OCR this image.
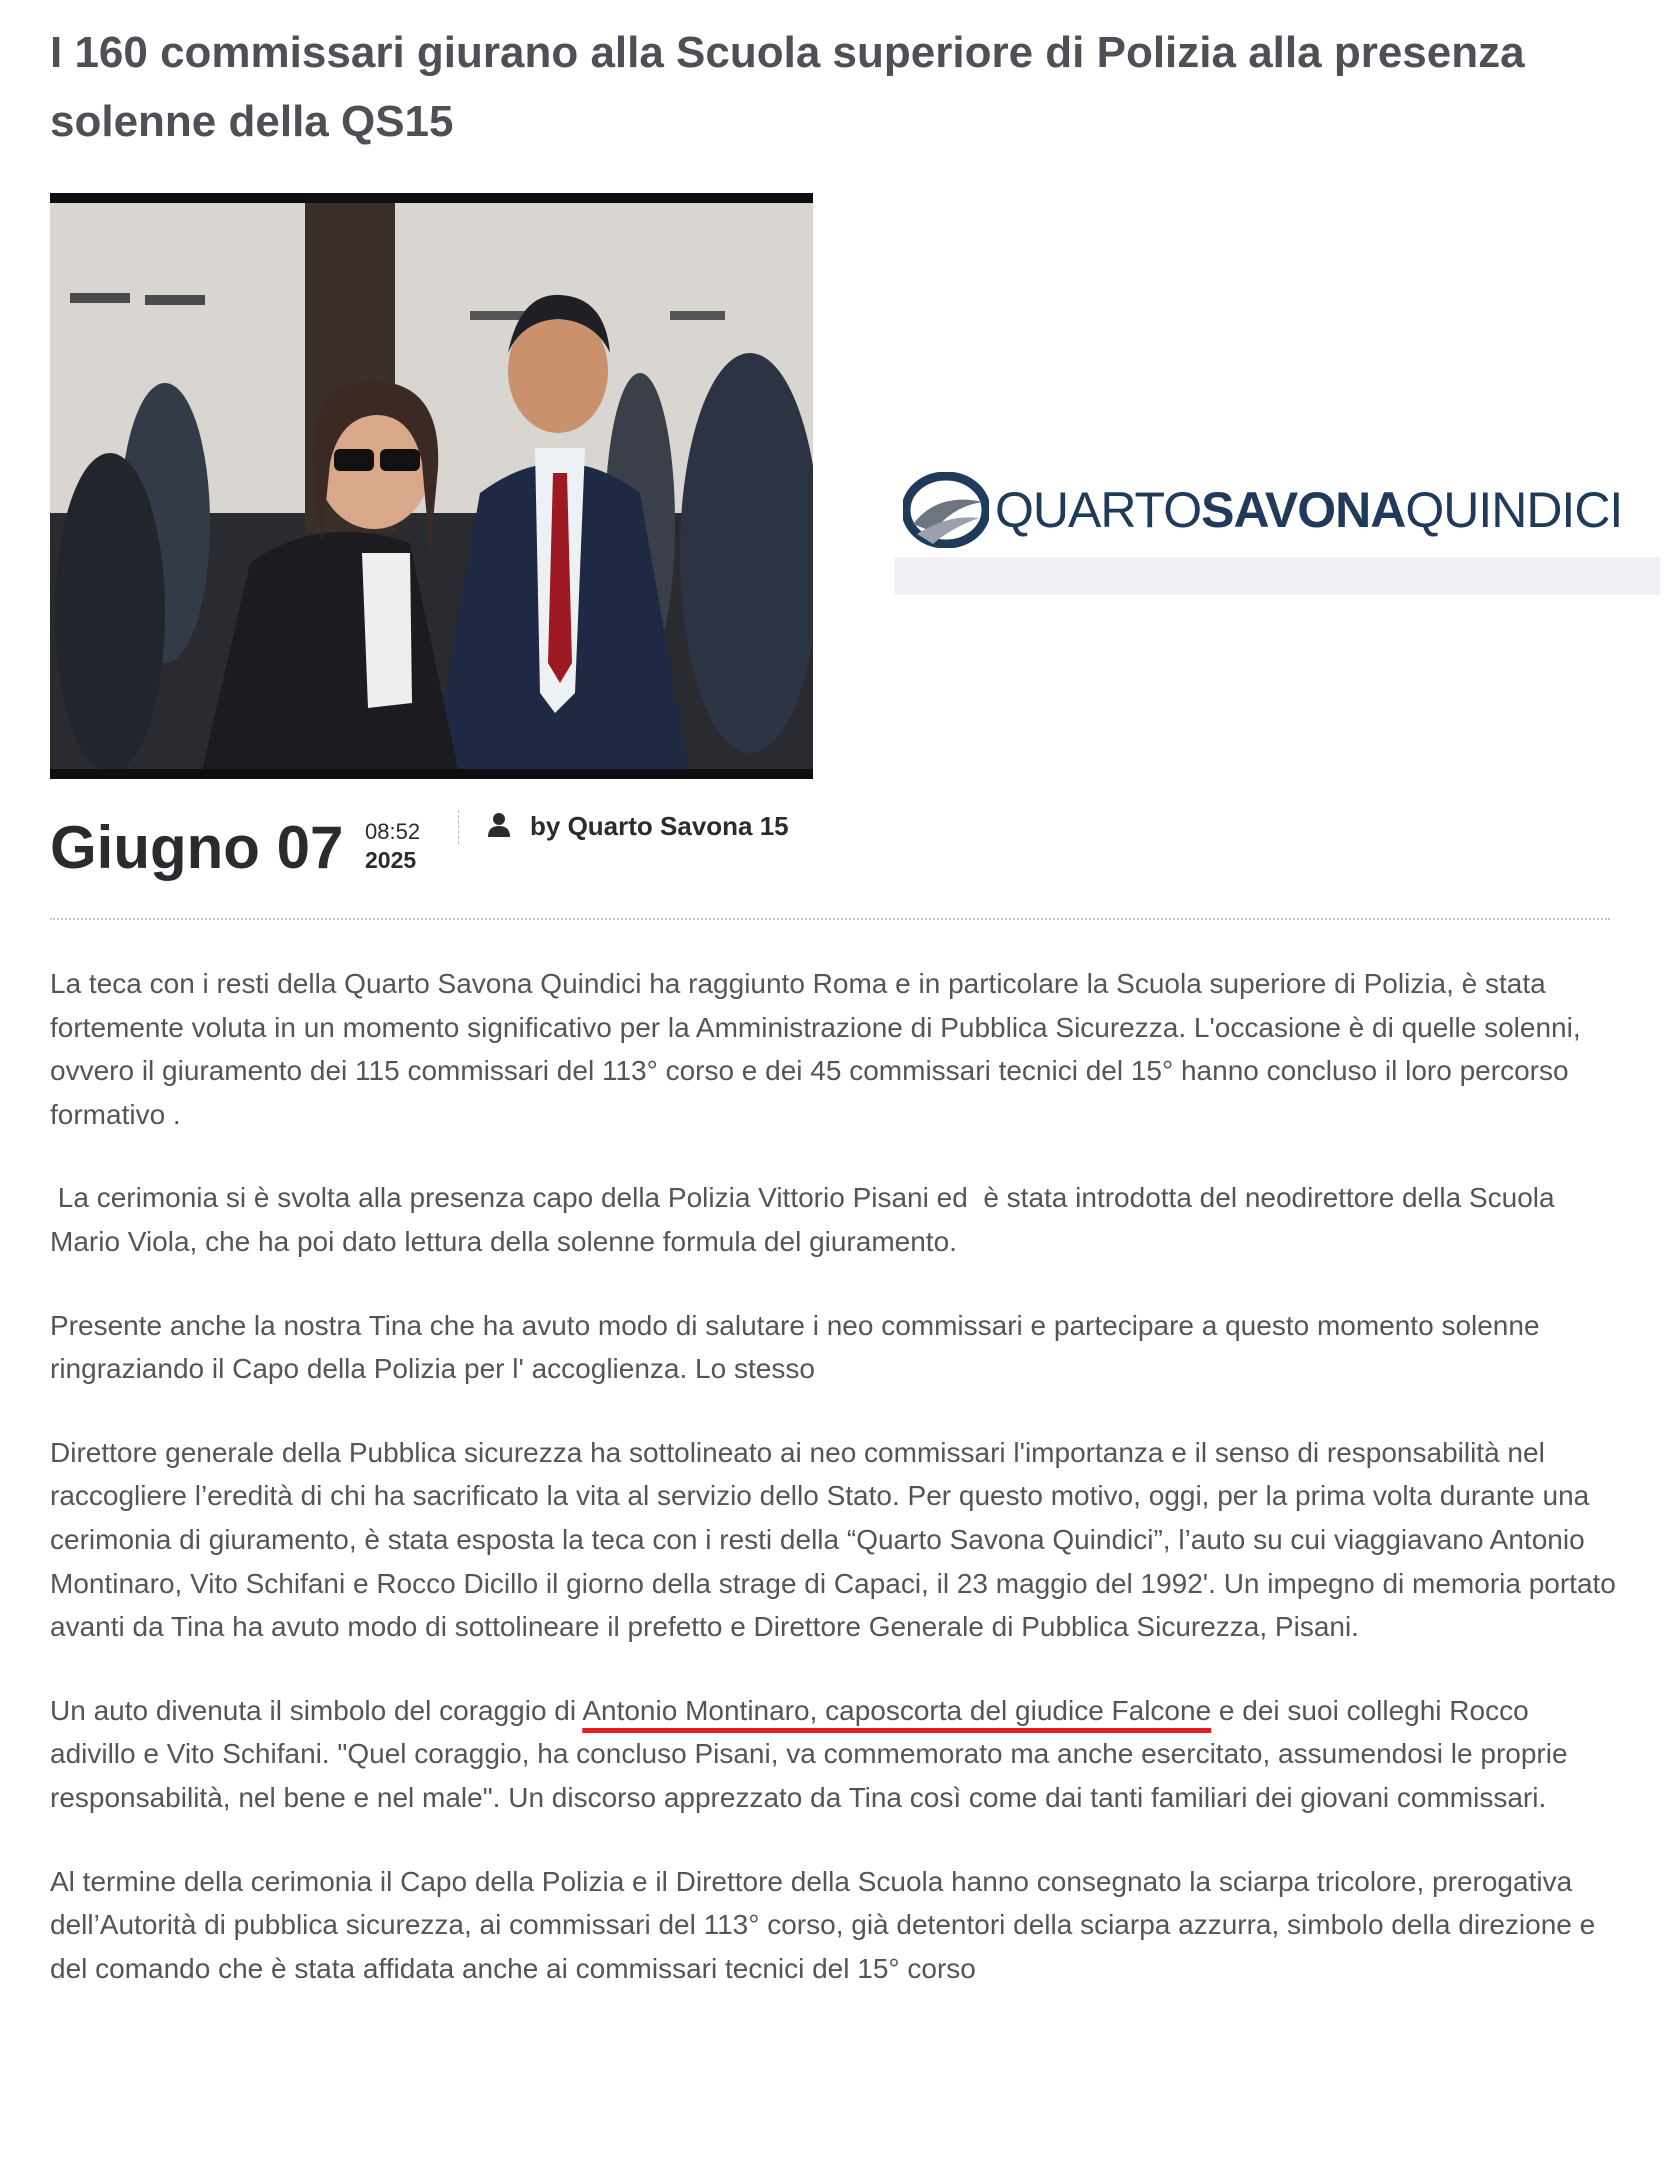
I 160 commissari giurano alla Scuola superiore di Polizia alla presenza solenne della QS15
QUARTOSAVONAQUINDICI
Giugno 07 08:52
2025
by Quarto Savona 15

La teca con i resti della Quarto Savona Quindici ha raggiunto Roma e in particolare la Scuola superiore di Polizia, è stata fortemente voluta in un momento significativo per la Amministrazione di Pubblica Sicurezza. L'occasione è di quelle solenni, ovvero il giuramento dei 115 commissari del 113° corso e dei 45 commissari tecnici del 15° hanno concluso il loro percorso formativo .

La cerimonia si è svolta alla presenza capo della Polizia Vittorio Pisani ed  è stata introdotta del neodirettore della Scuola Mario Viola, che ha poi dato lettura della solenne formula del giuramento.

Presente anche la nostra Tina che ha avuto modo di salutare i neo commissari e partecipare a questo momento solenne ringraziando il Capo della Polizia per l' accoglienza. Lo stesso

Direttore generale della Pubblica sicurezza ha sottolineato ai neo commissari l'importanza e il senso di responsabilità nel raccogliere l’eredità di chi ha sacrificato la vita al servizio dello Stato. Per questo motivo, oggi, per la prima volta durante una cerimonia di giuramento, è stata esposta la teca con i resti della “Quarto Savona Quindici”, l’auto su cui viaggiavano Antonio Montinaro, Vito Schifani e Rocco Dicillo il giorno della strage di Capaci, il 23 maggio del 1992'. Un impegno di memoria portato avanti da Tina ha avuto modo di sottolineare il prefetto e Direttore Generale di Pubblica Sicurezza, Pisani.

Un auto divenuta il simbolo del coraggio di Antonio Montinaro, caposcorta del giudice Falcone e dei suoi colleghi Rocco adivillo e Vito Schifani. "Quel coraggio, ha concluso Pisani, va commemorato ma anche esercitato, assumendosi le proprie responsabilità, nel bene e nel male". Un discorso apprezzato da Tina così come dai tanti familiari dei giovani commissari.

Al termine della cerimonia il Capo della Polizia e il Direttore della Scuola hanno consegnato la sciarpa tricolore, prerogativa dell’Autorità di pubblica sicurezza, ai commissari del 113° corso, già detentori della sciarpa azzurra, simbolo della direzione e del comando che è stata affidata anche ai commissari tecnici del 15° corso
